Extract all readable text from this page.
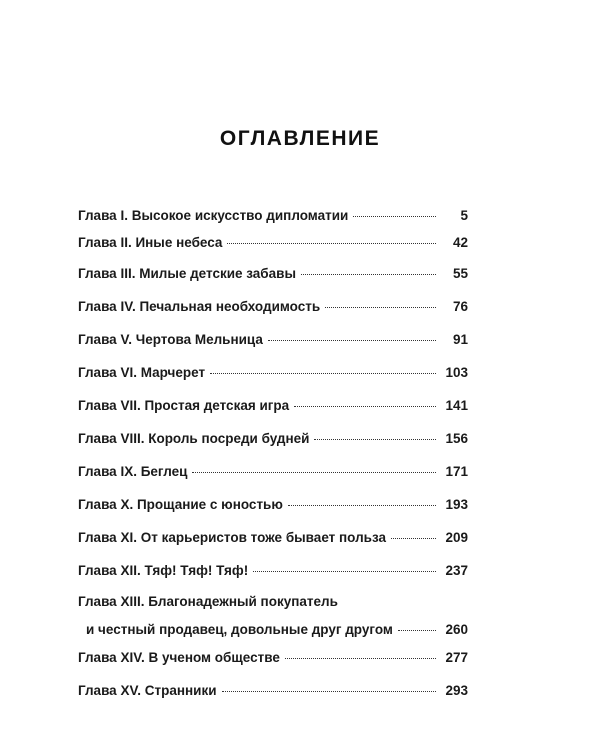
ОГЛАВЛЕНИЕ
Глава I. Высокое искусство дипломатии	5
Глава II. Иные небеса	42
Глава III. Милые детские забавы	55
Глава IV. Печальная необходимость	76
Глава V. Чертова Мельница	91
Глава VI. Марчерет	103
Глава VII. Простая детская игра	141
Глава VIII. Король посреди будней	156
Глава IX. Беглец	171
Глава X. Прощание с юностью	193
Глава XI. От карьеристов тоже бывает польза	209
Глава XII. Тяф! Тяф! Тяф!	237
Глава XIII. Благонадежный покупатель
и честный продавец, довольные друг другом	260
Глава XIV. В ученом обществе	277
Глава XV. Странники	293
